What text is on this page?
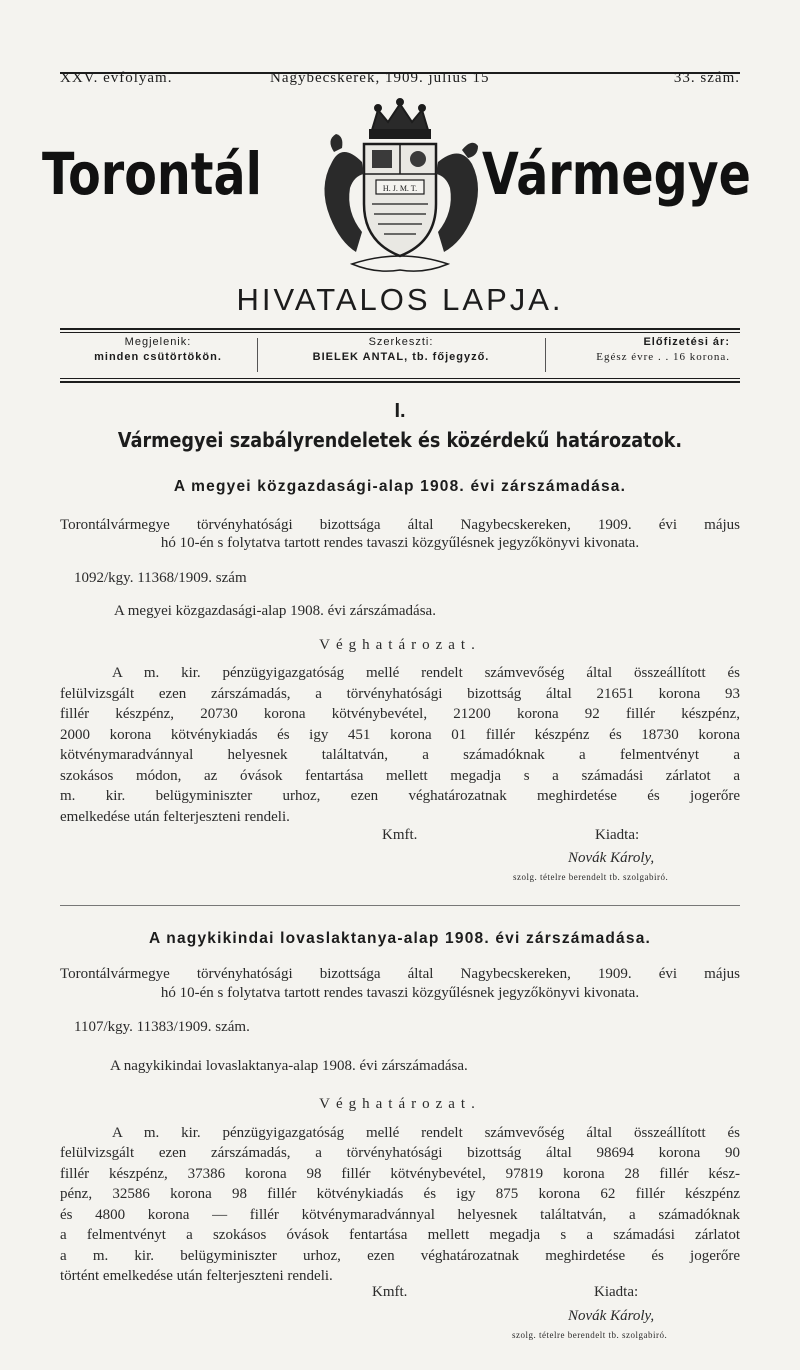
XXV. evfolyam.	Nagybecskerek, 1909. julius 15	33. szám.
Torontál	Vármegye
H. J. M. T.
HIVATALOS LAPJA.
Megjelenik:
minden csütörtökön.
Szerkeszti:
BIELEK ANTAL, tb. főjegyző.
Előfizetési ár:
Egész évre . . 16 korona.
I.
Vármegyei szabályrendeletek és közérdekű határozatok.
A megyei közgazdasági-alap 1908. évi zárszámadása.
Torontálvármegye törvényhatósági bizottsága által Nagybecskereken, 1909. évi május
hó 10-én s folytatva tartott rendes tavaszi közgyűlésnek jegyzőkönyvi kivonata.
1092/kgy. 11368/1909. szám
A megyei közgazdasági-alap 1908. évi zárszámadása.
Véghatározat.
A m. kir. pénzügyigazgatóság mellé rendelt számvevőség által összeállított és
felülvizsgált ezen zárszámadás, a törvényhatósági bizottság által 21651 korona 93
fillér készpénz, 20730 korona kötvénybevétel, 21200 korona 92 fillér készpénz,
2000 korona kötvénykiadás és igy 451 korona 01 fillér készpénz és 18730 korona
kötvénymaradvánnyal helyesnek találtatván, a számadóknak a felmentvényt a
szokásos módon, az óvások fentartása mellett megadja s a számadási zárlatot a
m. kir. belügyminiszter urhoz, ezen véghatározatnak meghirdetése és jogerőre
emelkedése után felterjeszteni rendeli.
Kmft.	Kiadta:
Novák Károly,
szolg. tételre berendelt tb. szolgabiró.
A nagykikindai lovaslaktanya-alap 1908. évi zárszámadása.
Torontálvármegye törvényhatósági bizottsága által Nagybecskereken, 1909. évi május
hó 10-én s folytatva tartott rendes tavaszi közgyűlésnek jegyzőkönyvi kivonata.
1107/kgy. 11383/1909. szám.
A nagykikindai lovaslaktanya-alap 1908. évi zárszámadása.
Véghatározat.
A m. kir. pénzügyigazgatóság mellé rendelt számvevőség által összeállított és
felülvizsgált ezen zárszámadás, a törvényhatósági bizottság által 98694 korona 90
fillér készpénz, 37386 korona 98 fillér kötvénybevétel, 97819 korona 28 fillér kész-
pénz, 32586 korona 98 fillér kötvénykiadás és igy 875 korona 62 fillér készpénz
és 4800 korona — fillér kötvénymaradvánnyal helyesnek találtatván, a számadóknak
a felmentvényt a szokásos óvások fentartása mellett megadja s a számadási zárlatot
a m. kir. belügyminiszter urhoz, ezen véghatározatnak meghirdetése és jogerőre
történt emelkedése után felterjeszteni rendeli.
Kmft.	Kiadta:
Novák Károly,
szolg. tételre berendelt tb. szolgabiró.
